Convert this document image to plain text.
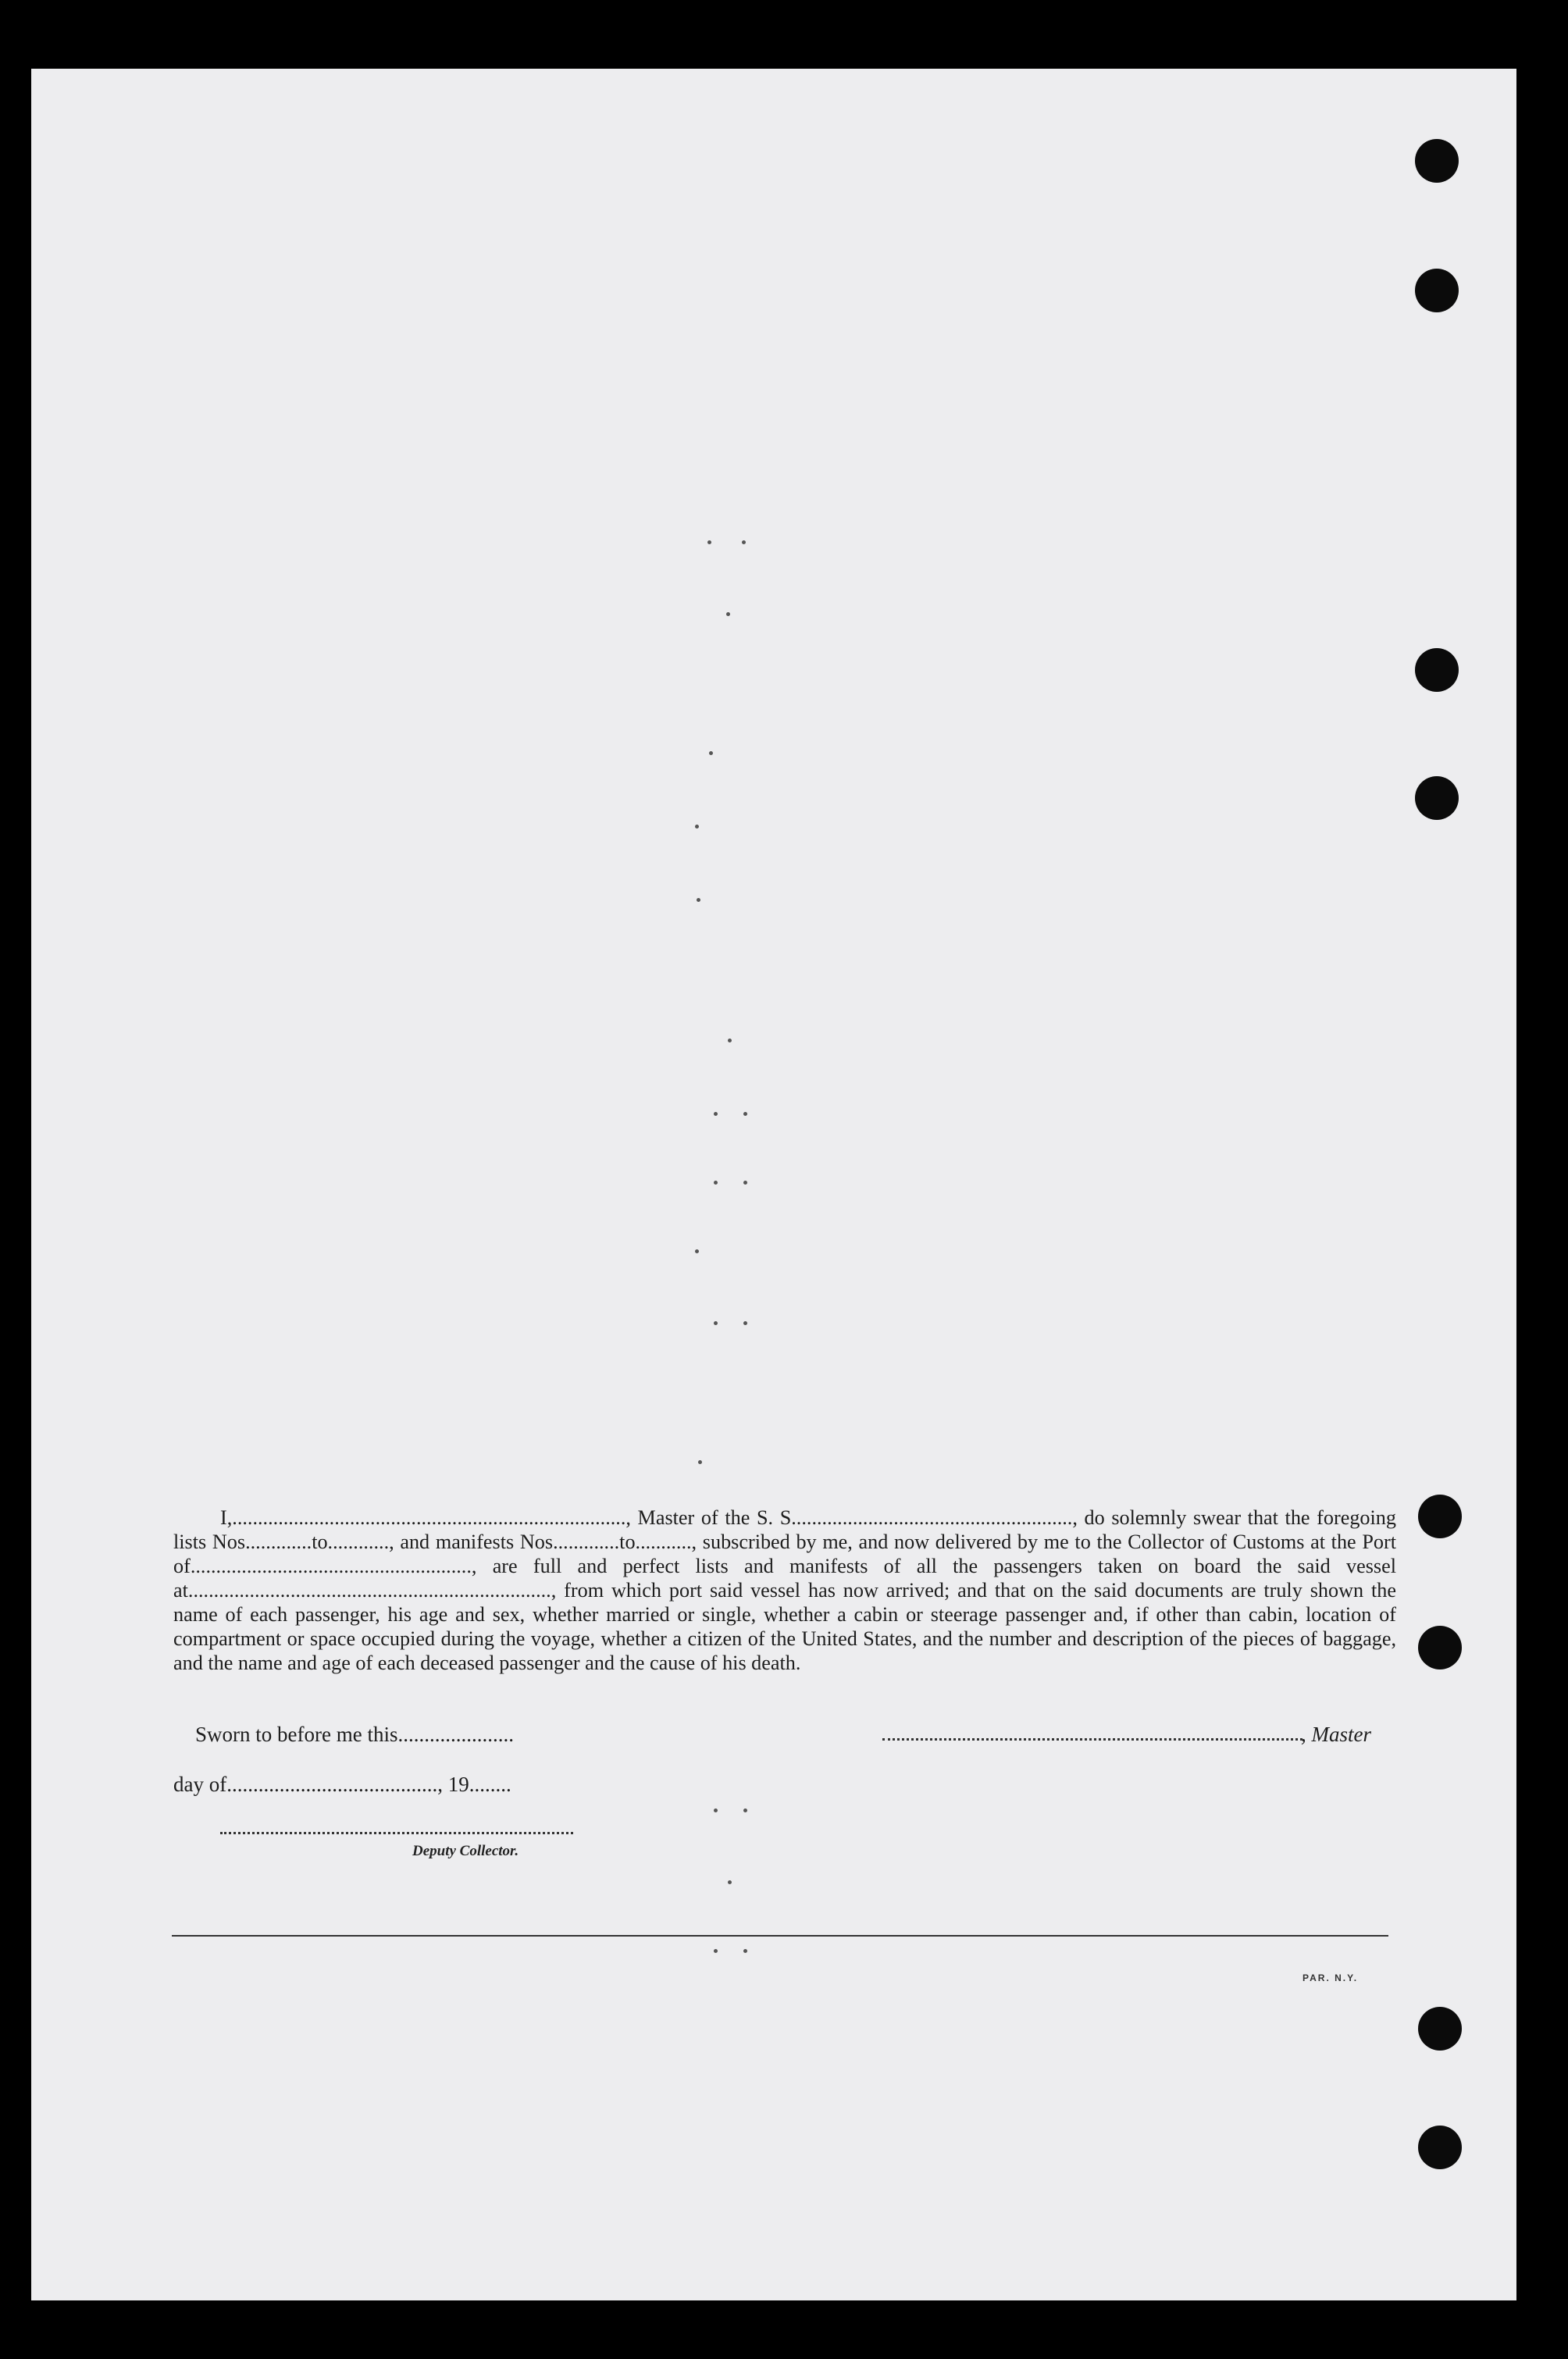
I,............................................................................., Master of the S. S......................................................., do solemnly swear that the foregoing lists Nos.............to............, and manifests Nos.............to..........., subscribed by me, and now delivered by me to the Collector of Customs at the Port of......................................................., are full and perfect lists and manifests of all the passengers taken on board the said vessel at......................................................................., from which port said vessel has now arrived; and that on the said documents are truly shown the name of each passenger, his age and sex, whether married or single, whether a cabin or steerage passenger and, if other than cabin, location of compartment or space occupied during the voyage, whether a citizen of the United States, and the number and description of the pieces of baggage, and the name and age of each deceased passenger and the cause of his death.

Sworn to before me this......................	, Master
day of........................................, 19........
Deputy Collector.
PAR. N.Y.
